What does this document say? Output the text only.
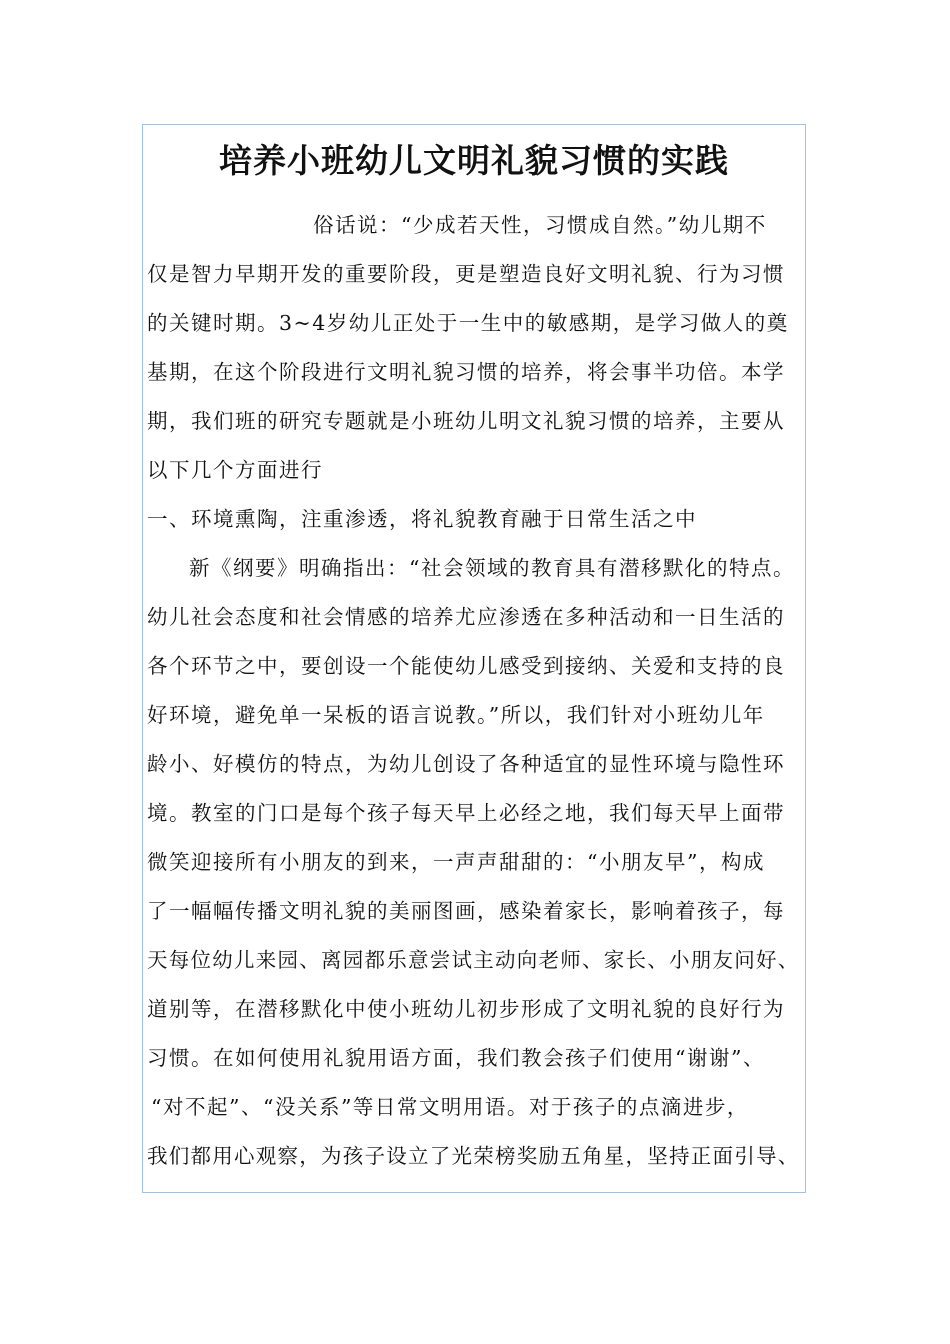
培养小班幼儿文明礼貌习惯的实践
俗话说：“少成若天性，习惯成自然。”幼儿期不
仅是智力早期开发的重要阶段，更是塑造良好文明礼貌、行为习惯
的关键时期。3~4岁幼儿正处于一生中的敏感期，是学习做人的奠
基期，在这个阶段进行文明礼貌习惯的培养，将会事半功倍。本学
期，我们班的研究专题就是小班幼儿明文礼貌习惯的培养，主要从
以下几个方面进行
一、环境熏陶，注重渗透，将礼貌教育融于日常生活之中
新《纲要》明确指出：“社会领域的教育具有潜移默化的特点。
幼儿社会态度和社会情感的培养尤应渗透在多种活动和一日生活的
各个环节之中，要创设一个能使幼儿感受到接纳、关爱和支持的良
好环境，避免单一呆板的语言说教。”所以，我们针对小班幼儿年
龄小、好模仿的特点，为幼儿创设了各种适宜的显性环境与隐性环
境。教室的门口是每个孩子每天早上必经之地，我们每天早上面带
微笑迎接所有小朋友的到来，一声声甜甜的：“小朋友早”，构成
了一幅幅传播文明礼貌的美丽图画，感染着家长，影响着孩子，每
天每位幼儿来园、离园都乐意尝试主动向老师、家长、小朋友问好、
道别等，在潜移默化中使小班幼儿初步形成了文明礼貌的良好行为
习惯。在如何使用礼貌用语方面，我们教会孩子们使用“谢谢”、
“对不起”、“没关系”等日常文明用语。对于孩子的点滴进步，
我们都用心观察，为孩子设立了光荣榜奖励五角星，坚持正面引导、
